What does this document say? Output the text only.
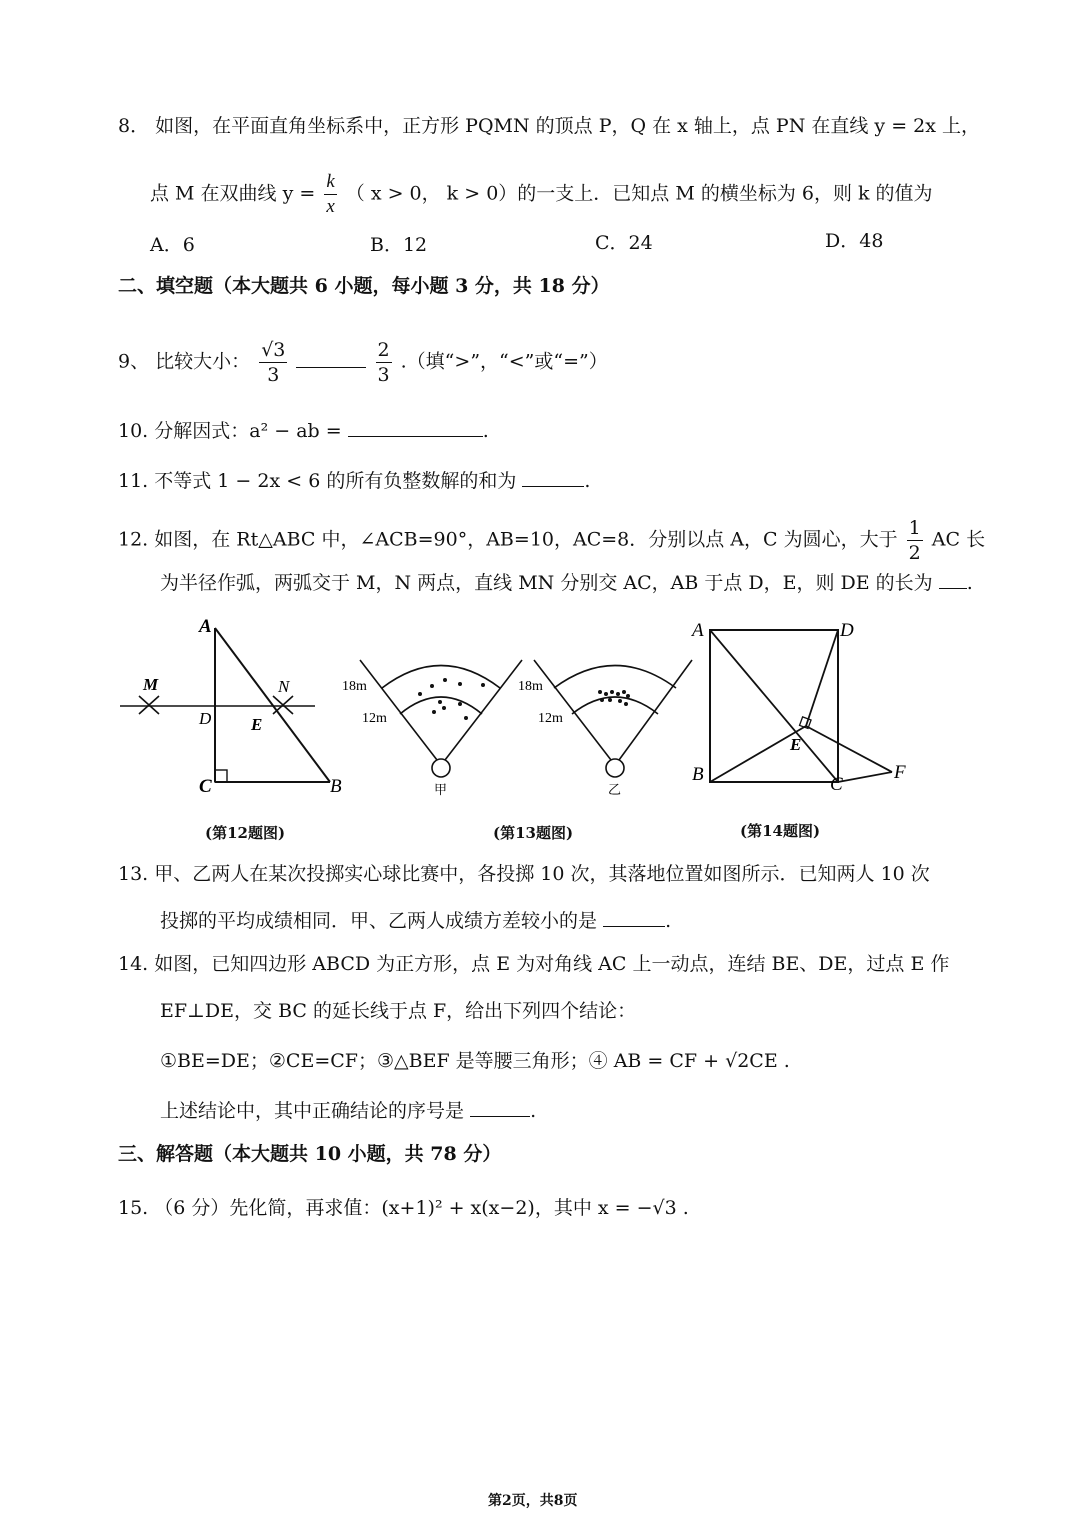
8． 如图，在平面直角坐标系中，正方形 PQMN 的顶点 P，Q 在 x 轴上，点 PN 在直线 y = 2x 上，
点 M 在双曲线 $y = \frac{k}{x}$ （ x > 0， k > 0）的一支上．已知点 M 的横坐标为 6，则 k 的值为
A．6	B．12	C．24	D．48
二、填空题（本大题共 6 小题，每小题 3 分，共 18 分）
9、 比较大小： $\frac{√3}{3}$
	$\frac{2}{3}$ .（填“>”，“<”或“=”）
10. 分解因式：a² − ab =	.
11. 不等式 1 − 2x < 6 的所有负整数解的和为	.
12. 如图，在 Rt△ABC 中，∠ACB=90°，AB=10，AC=8．分别以点 A，C 为圆心，大于 $\frac{1}{2}$ AC 长
为半径作弧，两弧交于 M，N 两点，直线 MN 分别交 AC，AB 于点 D，E，则 DE 的长为 .
A
M	N
D E
C	B
(第12题图)
18m
12m
甲
18m
12m
乙
(第13题图)
A	D
E
B	C
F
(第14题图)
13. 甲、乙两人在某次投掷实心球比赛中，各投掷 10 次，其落地位置如图所示．已知两人 10 次
投掷的平均成绩相同．甲、乙两人成绩方差较小的是	.
14. 如图，已知四边形 ABCD 为正方形，点 E 为对角线 AC 上一动点，连结 BE、DE，过点 E 作
EF⊥DE，交 BC 的延长线于点 F，给出下列四个结论：
①BE=DE；②CE=CF；③△BEF 是等腰三角形；④ AB = CF + √2CE .
上述结论中，其中正确结论的序号是	.
三、解答题（本大题共 10 小题，共 78 分）
15. （6 分）先化简，再求值：(x+1)² + x(x−2)，其中 x = −√3 .
第2页，共8页
